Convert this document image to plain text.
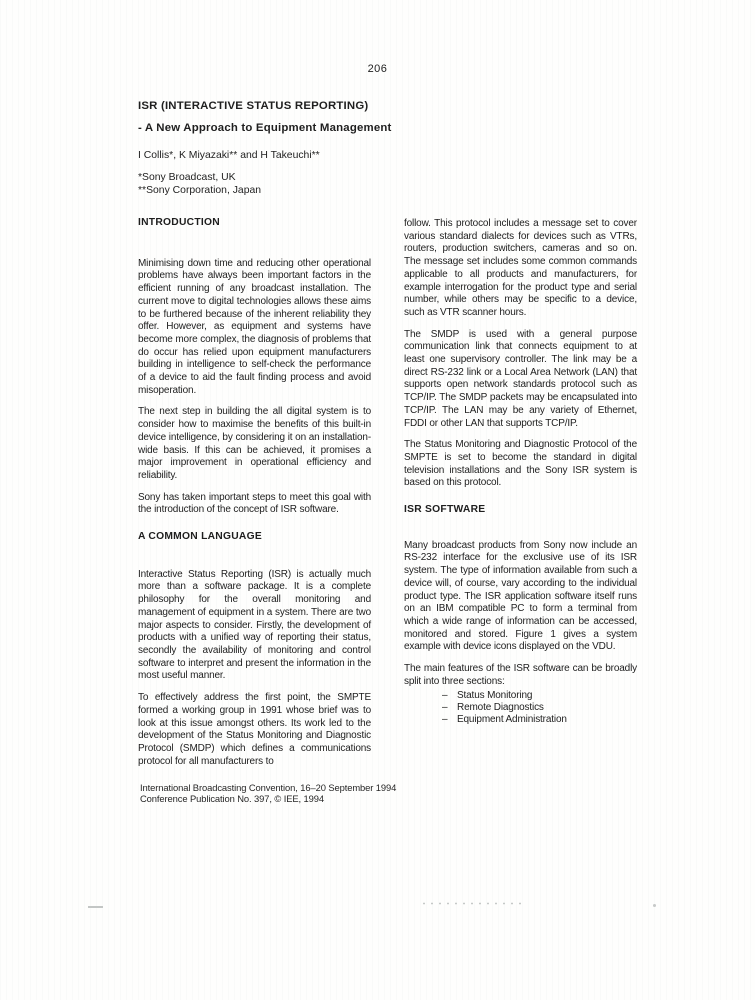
206
ISR (INTERACTIVE STATUS REPORTING)
- A New Approach to Equipment Management
I Collis*, K Miyazaki** and H Takeuchi**
*Sony Broadcast, UK
**Sony Corporation, Japan
INTRODUCTION

Minimising down time and reducing other operational problems have always been important factors in the efficient running of any broadcast installation. The current move to digital technologies allows these aims to be furthered because of the inherent reliability they offer. However, as equipment and systems have become more complex, the diagnosis of problems that do occur has relied upon equipment manufacturers building in intelligence to self-check the performance of a device to aid the fault finding process and avoid misoperation.

The next step in building the all digital system is to consider how to maximise the benefits of this built-in device intelligence, by considering it on an installation-wide basis. If this can be achieved, it promises a major improvement in operational efficiency and reliability.

Sony has taken important steps to meet this goal with the introduction of the concept of ISR software.

A COMMON LANGUAGE

Interactive Status Reporting (ISR) is actually much more than a software package. It is a complete philosophy for the overall monitoring and management of equipment in a system. There are two major aspects to consider. Firstly, the development of products with a unified way of reporting their status, secondly the availability of monitoring and control software to interpret and present the information in the most useful manner.

To effectively address the first point, the SMPTE formed a working group in 1991 whose brief was to look at this issue amongst others. Its work led to the development of the Status Monitoring and Diagnostic Protocol (SMDP) which defines a communications protocol for all manufacturers to

follow. This protocol includes a message set to cover various standard dialects for devices such as VTRs, routers, production switchers, cameras and so on. The message set includes some common commands applicable to all products and manufacturers, for example interrogation for the product type and serial number, while others may be specific to a device, such as VTR scanner hours.

The SMDP is used with a general purpose communication link that connects equipment to at least one supervisory controller. The link may be a direct RS-232 link or a Local Area Network (LAN) that supports open network standards protocol such as TCP/IP. The SMDP packets may be encapsulated into TCP/IP. The LAN may be any variety of Ethernet, FDDI or other LAN that supports TCP/IP.

The Status Monitoring and Diagnostic Protocol of the SMPTE is set to become the standard in digital television installations and the Sony ISR system is based on this protocol.

ISR SOFTWARE

Many broadcast products from Sony now include an RS-232 interface for the exclusive use of its ISR system. The type of information available from such a device will, of course, vary according to the individual product type. The ISR application software itself runs on an IBM compatible PC to form a terminal from which a wide range of information can be accessed, monitored and stored. Figure 1 gives a system example with device icons displayed on the VDU.

The main features of the ISR software can be broadly split into three sections:

– Status Monitoring
– Remote Diagnostics
– Equipment Administration
International Broadcasting Convention, 16–20 September 1994
Conference Publication No. 397, © IEE, 1994
